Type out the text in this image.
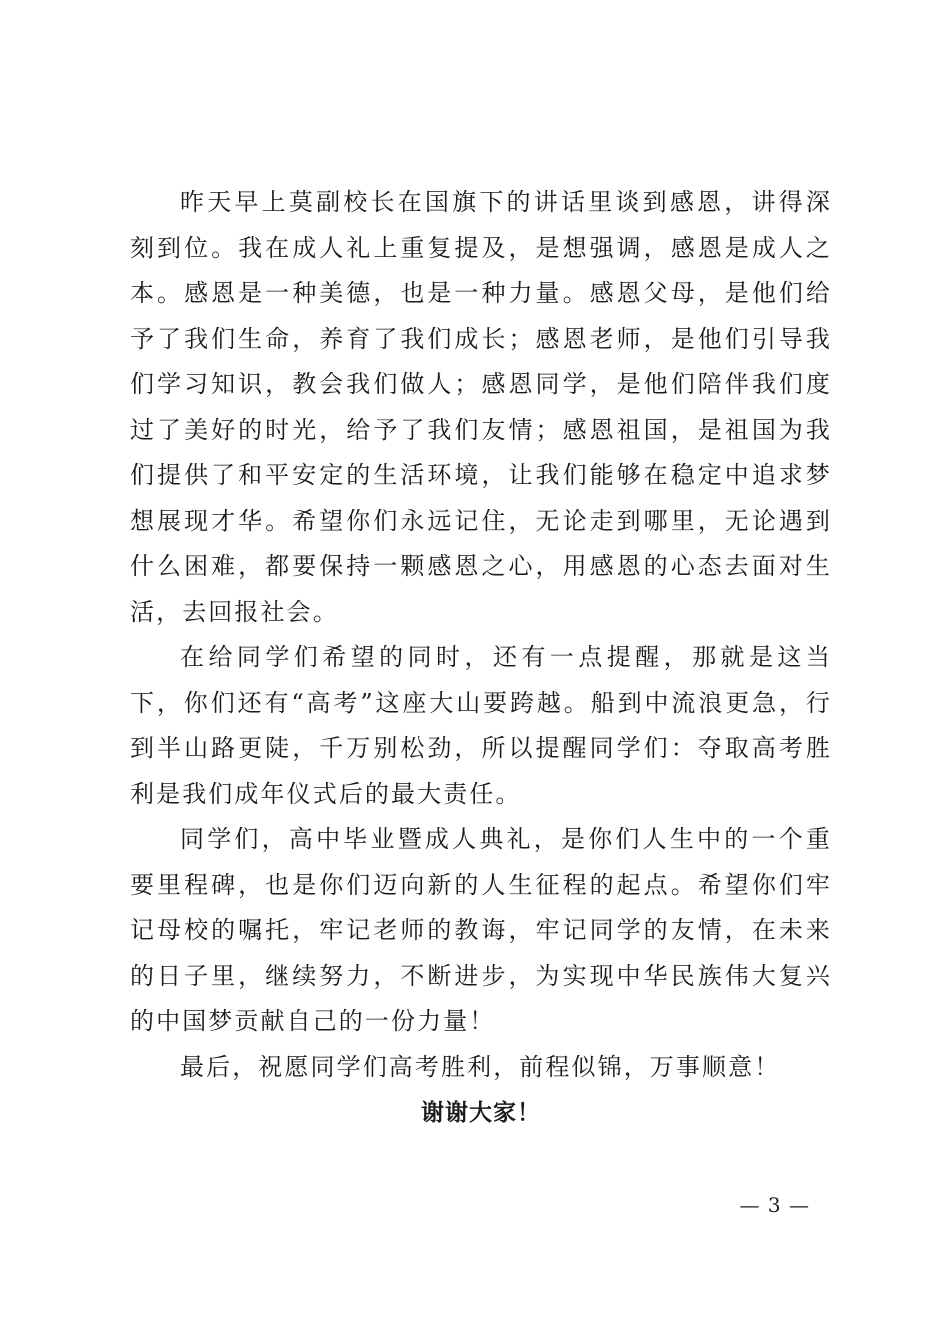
昨天早上莫副校长在国旗下的讲话里谈到感恩，讲得深刻到位。我在成人礼上重复提及，是想强调，感恩是成人之本。感恩是一种美德，也是一种力量。感恩父母，是他们给予了我们生命，养育了我们成长；感恩老师，是他们引导我们学习知识，教会我们做人；感恩同学，是他们陪伴我们度过了美好的时光，给予了我们友情；感恩祖国，是祖国为我们提供了和平安定的生活环境，让我们能够在稳定中追求梦想展现才华。希望你们永远记住，无论走到哪里，无论遇到什么困难，都要保持一颗感恩之心，用感恩的心态去面对生活，去回报社会。

在给同学们希望的同时，还有一点提醒，那就是这当下，你们还有“高考”这座大山要跨越。船到中流浪更急，行到半山路更陡，千万别松劲，所以提醒同学们：夺取高考胜利是我们成年仪式后的最大责任。

同学们，高中毕业暨成人典礼，是你们人生中的一个重要里程碑，也是你们迈向新的人生征程的起点。希望你们牢记母校的嘱托，牢记老师的教诲，牢记同学的友情，在未来的日子里，继续努力，不断进步，为实现中华民族伟大复兴的中国梦贡献自己的一份力量！

最后，祝愿同学们高考胜利，前程似锦，万事顺意！

谢谢大家！

— 3 —
